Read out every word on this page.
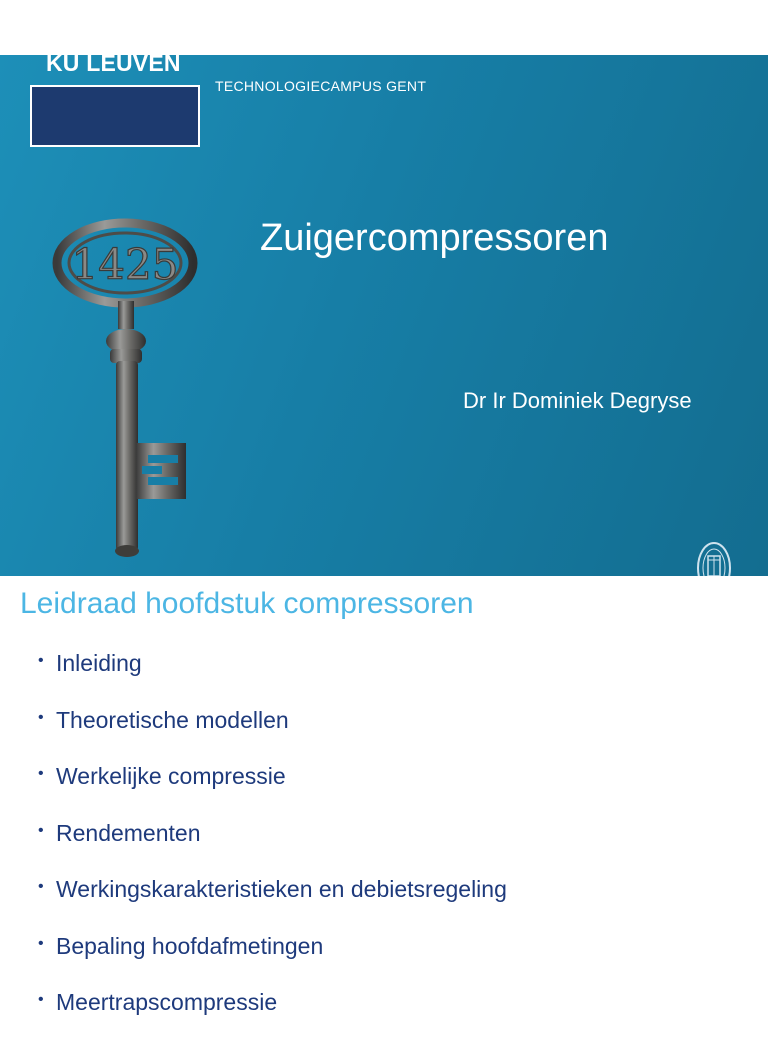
1425
KU LEUVEN
TECHNOLOGIECAMPUS GENT
Zuigercompressoren
Dr Ir Dominiek Degryse
Leidraad hoofdstuk compressoren
• Inleiding
• Theoretische modellen
• Werkelijke compressie
• Rendementen
• Werkingskarakteristieken en debietsregeling
• Bepaling hoofdafmetingen
• Meertrapscompressie
